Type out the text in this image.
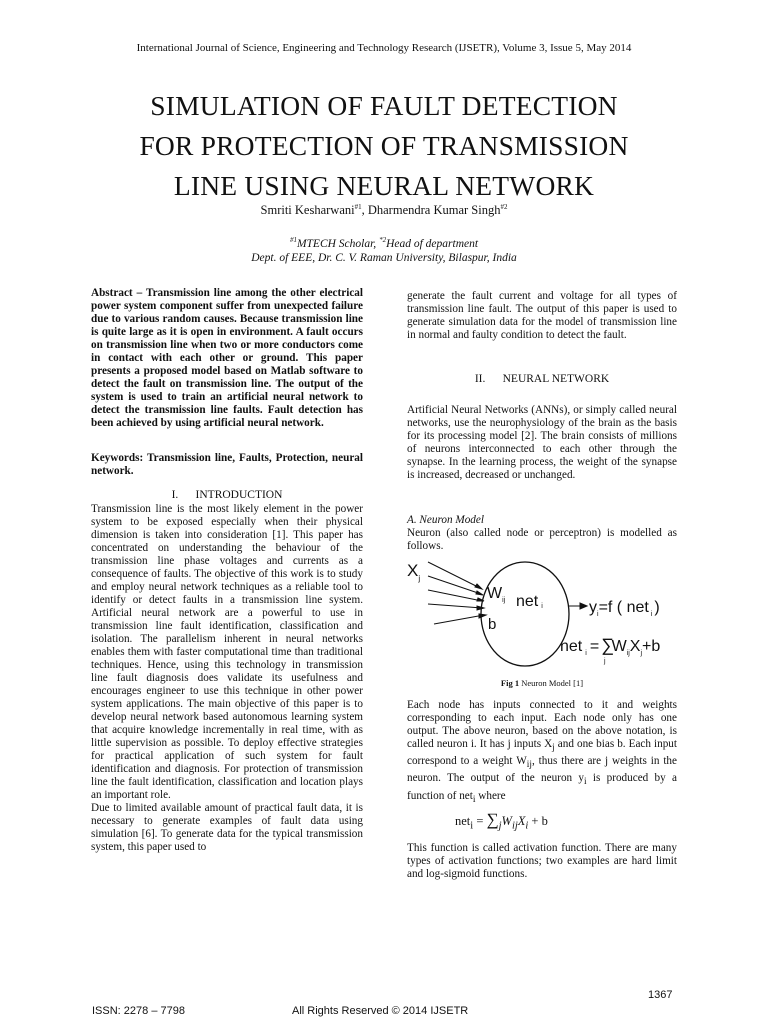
International Journal of Science, Engineering and Technology Research (IJSETR), Volume 3, Issue 5, May 2014
SIMULATION OF FAULT DETECTION
FOR PROTECTION OF TRANSMISSION
LINE USING NEURAL NETWORK
Smriti Kesharwani$^{\#1}$, Dharmendra Kumar Singh$^{\#2}$
$^{\#1}$MTECH Scholar, $^{*2}$Head of department
Dept. of EEE, Dr. C. V. Raman University, Bilaspur, India

Abstract – Transmission line among the other electrical power system component suffer from unexpected failure due to various random causes. Because transmission line is quite large as it is open in environment. A fault occurs on transmission line when two or more conductors come in contact with each other or ground. This paper presents a proposed model based on Matlab software to detect the fault on transmission line. The output of the system is used to train an artificial neural network to detect the transmission line faults. Fault detection has been achieved by using artificial neural network.

Keywords: Transmission line, Faults, Protection, neural network.

I. INTRODUCTION

Transmission line is the most likely element in the power system to be exposed especially when their physical dimension is taken into consideration [1]. This paper has concentrated on understanding the behaviour of the transmission line phase voltages and currents as a consequence of faults. The objective of this work is to study and employ neural network techniques as a reliable tool to identify or detect faults in a transmission line system. Artificial neural network are a powerful to use in transmission line fault identification, classification and isolation. The parallelism inherent in neural networks enables them with faster computational time than traditional techniques. Hence, using this technology in transmission line fault diagnosis does validate its usefulness and encourages engineer to use this technique in other power system applications. The main objective of this paper is to develop neural network based autonomous learning system that acquire knowledge incrementally in real time, with as little supervision as possible. To deploy effective strategies for practical application of such system for fault identification and diagnosis. For protection of transmission line the fault identification, classification and location plays an important role.

Due to limited available amount of practical fault data, it is necessary to generate examples of fault data using simulation [6]. To generate data for the typical transmission system, this paper used to

generate the fault current and voltage for all types of transmission line fault. The output of this paper is used to generate simulation data for the model of transmission line in normal and faulty condition to detect the fault.
II. NEURAL NETWORK
Artificial Neural Networks (ANNs), or simply called neural networks, use the neurophysiology of the brain as the basis for its processing model [2]. The brain consists of millions of neurons interconnected to each other through the synapse. In the learning process, the weight of the synapse is increased, decreased or unchanged.
A. Neuron Model
Neuron (also called node or perceptron) is modelled as follows.
$X_j$
$W_{ij}$
b
net i	$y_i=f$ ( net $_i$ )
net $_i$ = ∑ $jW_{ij}X_j+b$
Fig 1 Neuron Model [1]
Each node has inputs connected to it and weights corresponding to each input. Each node only has one output. The above neuron, based on the above notation, is called neuron i. It has j inputs $X_j$ and one bias b. Each input correspond to a weight $W_{ij}$, thus there are j weights in the neuron. The output of the neuron $y_i$ is produced by a function of net$_i$ where
$net_i = \sum_jW_{ij}X_i + b$
This function is called activation function. There are many types of activation functions; two examples are hard limit and log-sigmoid functions.
1367
ISSN: 2278 – 7798	All Rights Reserved © 2014 IJSETR
